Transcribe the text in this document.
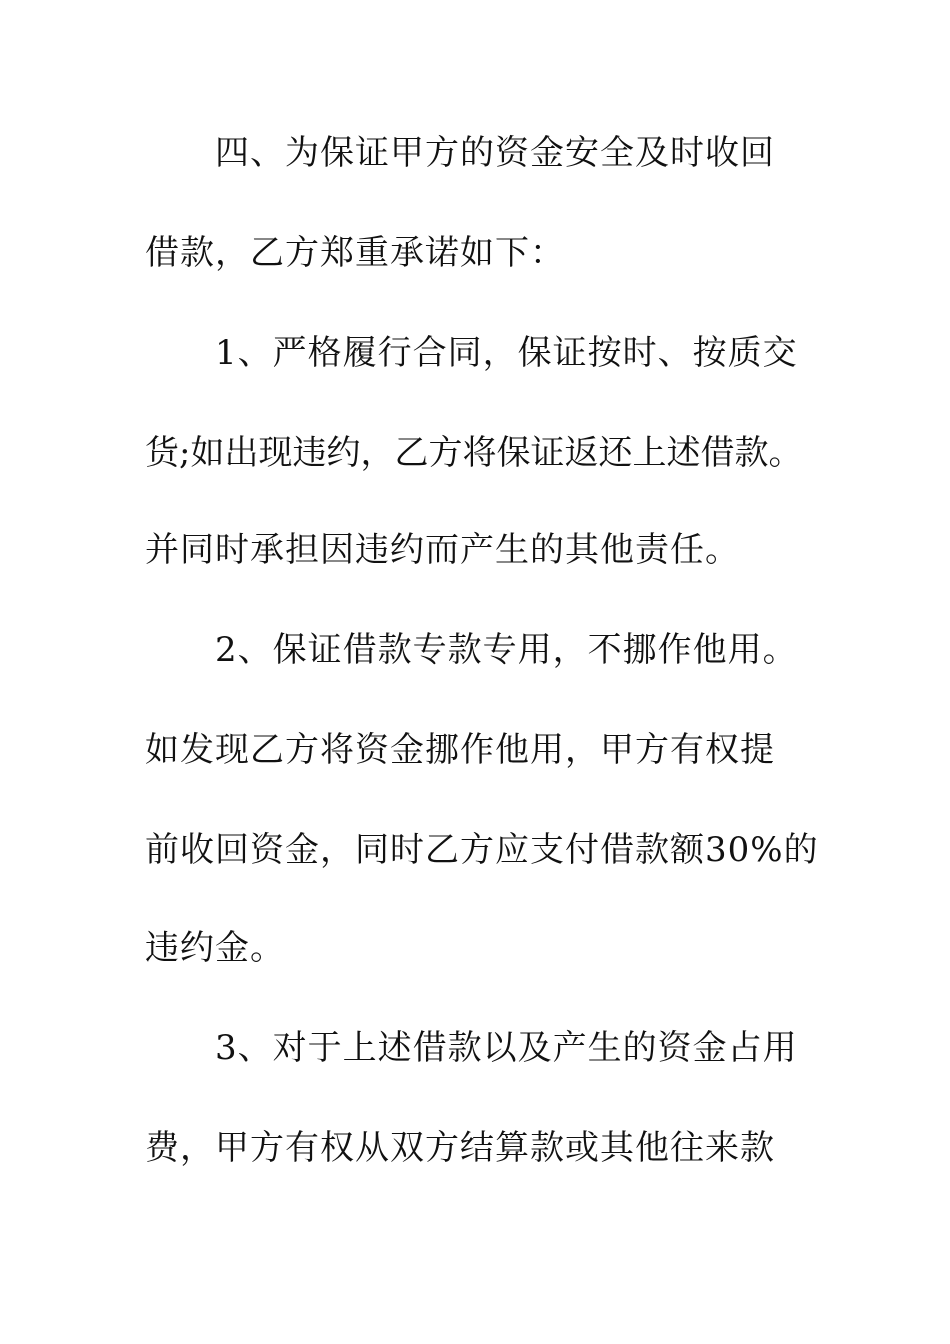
四、为保证甲方的资金安全及时收回
借款，乙方郑重承诺如下：
1、严格履行合同，保证按时、按质交
货;如出现违约，乙方将保证返还上述借款。
并同时承担因违约而产生的其他责任。
2、保证借款专款专用，不挪作他用。
如发现乙方将资金挪作他用，甲方有权提
前收回资金，同时乙方应支付借款额30%的
违约金。
3、对于上述借款以及产生的资金占用
费，甲方有权从双方结算款或其他往来款
